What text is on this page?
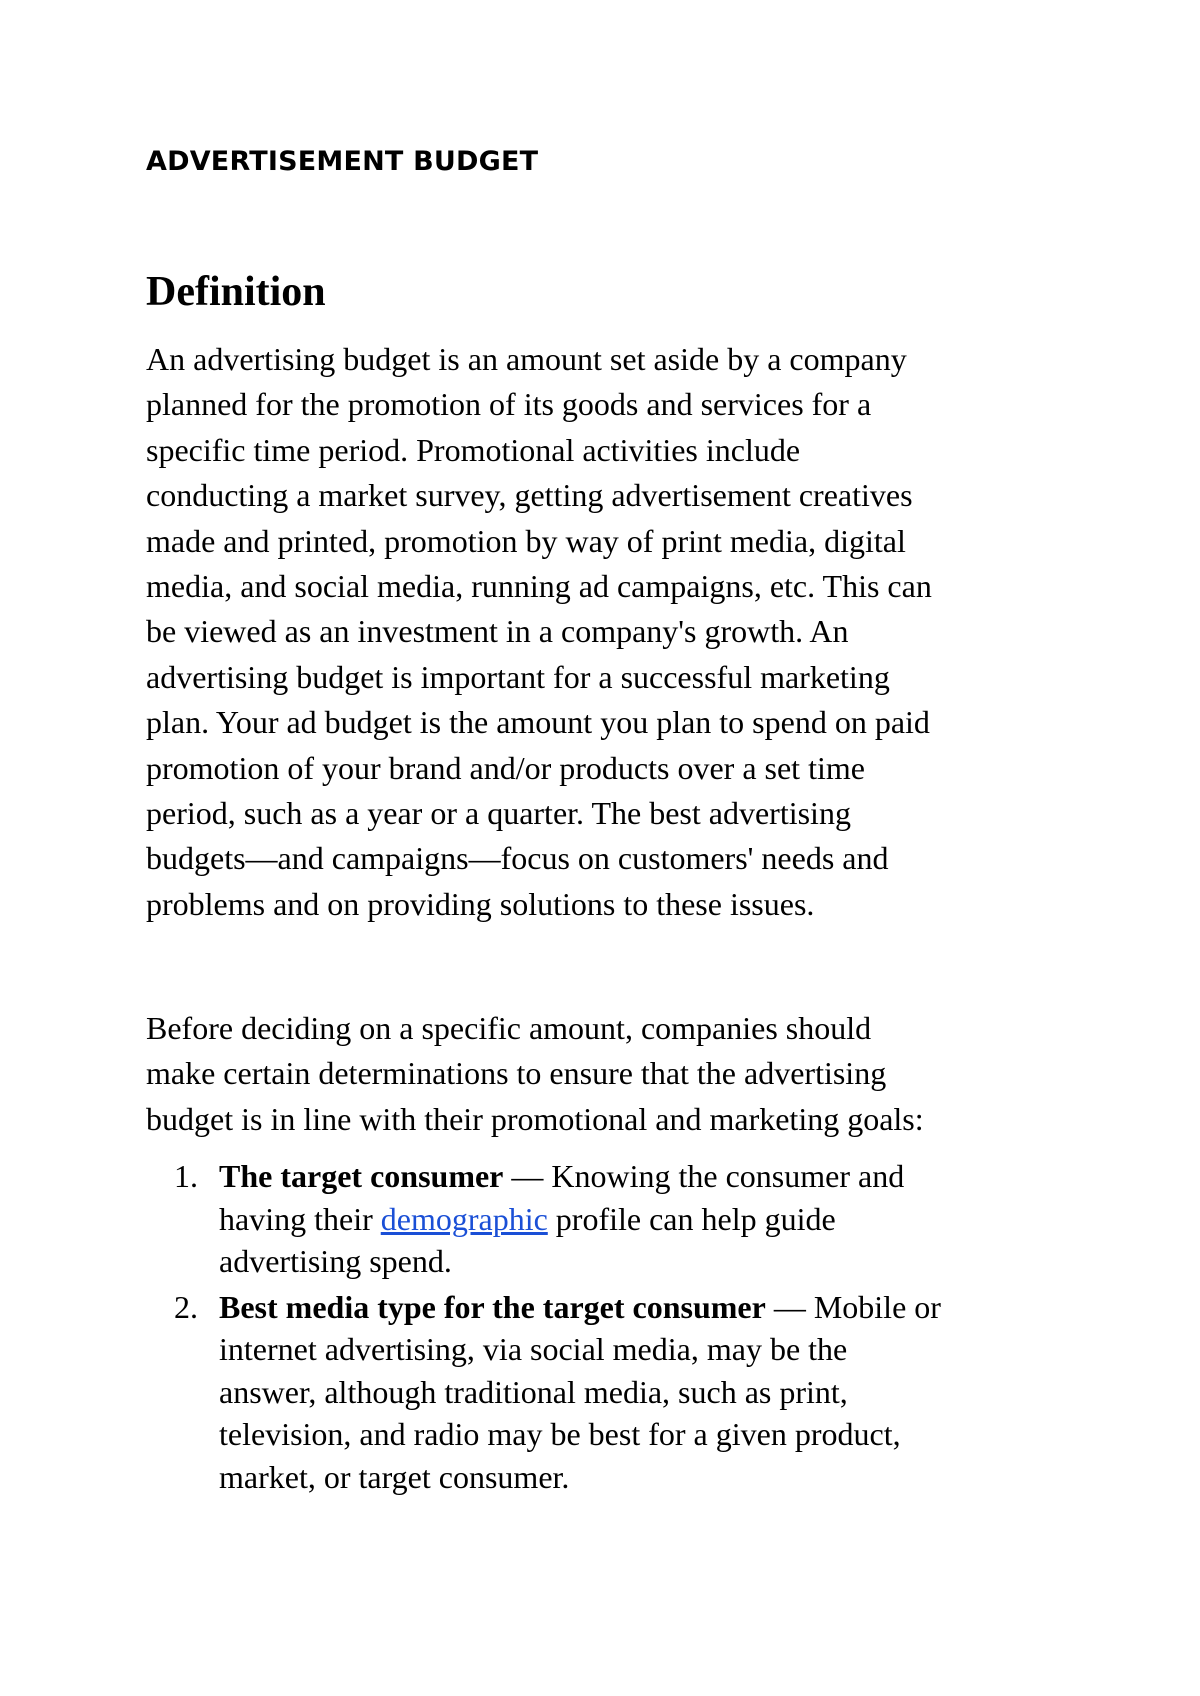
ADVERTISEMENT BUDGET
Definition

An advertising budget is an amount set aside by a company
planned for the promotion of its goods and services for a
specific time period. Promotional activities include
conducting a market survey, getting advertisement creatives
made and printed, promotion by way of print media, digital
media, and social media, running ad campaigns, etc. This can
be viewed as an investment in a company's growth. An
advertising budget is important for a successful marketing
plan. Your ad budget is the amount you plan to spend on paid
promotion of your brand and/or products over a set time
period, such as a year or a quarter. The best advertising
budgets—and campaigns—focus on customers' needs and
problems and on providing solutions to these issues.

Before deciding on a specific amount, companies should
make certain determinations to ensure that the advertising
budget is in line with their promotional and marketing goals:

1. The target consumer — Knowing the consumer and
having their demographic profile can help guide
advertising spend.
2. Best media type for the target consumer — Mobile or
internet advertising, via social media, may be the
answer, although traditional media, such as print,
television, and radio may be best for a given product,
market, or target consumer.
